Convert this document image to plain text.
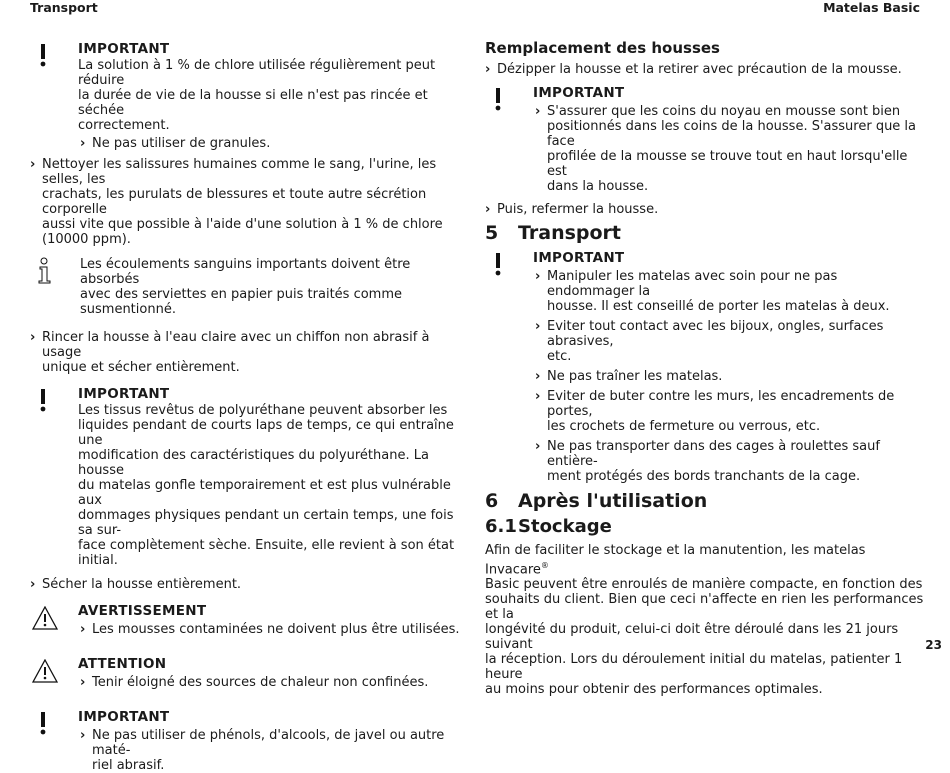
Transport	Matelas Basic
IMPORTANT

La solution à 1 % de chlore utilisée régulièrement peut réduire

la durée de vie de la housse si elle n'est pas rincée et séchée

correctement.

› Ne pas utiliser de granules.

› Nettoyer les salissures humaines comme le sang, l'urine, les selles, les

crachats, les purulats de blessures et toute autre sécrétion corporelle

aussi vite que possible à l'aide d'une solution à 1 % de chlore

(10000 ppm).

Les écoulements sanguins importants doivent être absorbés

avec des serviettes en papier puis traités comme susmentionné.

› Rincer la housse à l'eau claire avec un chiffon non abrasif à usage

unique et sécher entièrement.

IMPORTANT

Les tissus revêtus de polyuréthane peuvent absorber les

liquides pendant de courts laps de temps, ce qui entraîne une

modification des caractéristiques du polyuréthane. La housse

du matelas gonfle temporairement et est plus vulnérable aux

dommages physiques pendant un certain temps, une fois sa sur-

face complètement sèche. Ensuite, elle revient à son état initial.

› Sécher la housse entièrement.

AVERTISSEMENT

› Les mousses contaminées ne doivent plus être utilisées.

ATTENTION

› Tenir éloigné des sources de chaleur non confinées.

IMPORTANT

› Ne pas utiliser de phénols, d'alcools, de javel ou autre maté-

riel abrasif.

Remplacement des housses

› Dézipper la housse et la retirer avec précaution de la mousse.

IMPORTANT

› S'assurer que les coins du noyau en mousse sont bien

positionnés dans les coins de la housse. S'assurer que la face

profilée de la mousse se trouve tout en haut lorsqu'elle est

dans la housse.

› Puis, refermer la housse.

5 Transport
IMPORTANT

› Manipuler les matelas avec soin pour ne pas endommager la

housse. Il est conseillé de porter les matelas à deux.

› Eviter tout contact avec les bijoux, ongles, surfaces abrasives,

etc.

› Ne pas traîner les matelas.

› Eviter de buter contre les murs, les encadrements de portes,

les crochets de fermeture ou verrous, etc.

› Ne pas transporter dans des cages à roulettes sauf entière-

ment protégés des bords tranchants de la cage.

6 Après l'utilisation
6.1Stockage

Afin de faciliter le stockage et la manutention, les matelas Invacare®

Basic peuvent être enroulés de manière compacte, en fonction des

souhaits du client. Bien que ceci n'affecte en rien les performances et la

longévité du produit, celui-ci doit être déroulé dans les 21 jours suivant

la réception. Lors du déroulement initial du matelas, patienter 1 heure

au moins pour obtenir des performances optimales.

23
